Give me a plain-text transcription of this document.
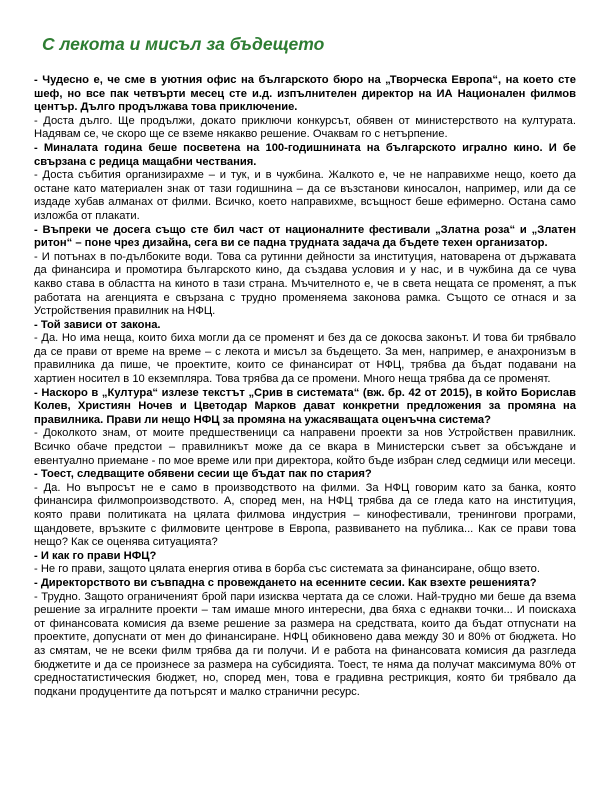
С лекота и мисъл за бъдещето

- Чудесно е, че сме в уютния офис на българското бюро на „Творческа Европа“, на което сте шеф, но все пак четвърти месец сте и.д. изпълнителен директор на ИА Национален филмов център. Дълго продължава това приключение.

- Доста дълго. Ще продължи, докато приключи конкурсът, обявен от министерството на културата. Надявам се, че скоро ще се вземе някакво решение. Очаквам го с нетърпение.

- Миналата година беше посветена на 100-годишнината на българското игрално кино. И бе свързана с редица мащабни чествания.

- Доста събития организирахме – и тук, и в чужбина. Жалкото е, че не направихме нещо, което да остане като материален знак от тази годишнина – да се възстанови киносалон, например, или да се издаде хубав алманах от филми. Всичко, което направихме, всъщност беше ефимерно. Остана само изложба от плакати.

- Въпреки че досега също сте бил част от националните фестивали „Златна роза“ и „Златен ритон“ – поне чрез дизайна, сега ви се падна трудната задача да бъдете техен организатор.

- И потънах в по-дълбоките води. Това са рутинни дейности за институция, натоварена от държавата да финансира и промотира българското кино, да създава условия и у нас, и в чужбина да се чува какво става в областта на киното в тази страна. Мъчителното е, че в света нещата се променят, а пък работата на агенцията е свързана с трудно променяема законова рамка. Същото се отнася и за Устройствения правилник на НФЦ.

- Той зависи от закона.

- Да. Но има неща, които биха могли да се променят и без да се докосва законът. И това би трябвало да се прави от време на време – с лекота и мисъл за бъдещето. За мен, например, е анахронизъм в правилника да пише, че проектите, които се финансират от НФЦ, трябва да бъдат подавани на хартиен носител в 10 екземпляра. Това трябва да се промени. Много неща трябва да се променят.

- Наскоро в „Култура“ излезе текстът „Срив в системата“ (вж. бр. 42 от 2015), в който Борислав Колев, Християн Ночев и Цветодар Марков дават конкретни предложения за промяна на правилника. Прави ли нещо НФЦ за промяна на ужасяващата оценъчна система?

- Доколкото знам, от моите предшественици са направени проекти за нов Устройствен правилник. Всичко обаче предстои – правилникът може да се вкара в Министерски съвет за обсъждане и евентуално приемане - по мое време или при директора, който бъде избран след седмици или месеци.

- Тоест, следващите обявени сесии ще бъдат пак по стария?

- Да. Но въпросът не е само в производството на филми. За НФЦ говорим като за банка, която финансира филмопроизводството. А, според мен, на НФЦ трябва да се гледа като на институция, която прави политиката на цялата филмова индустрия – кинофестивали, тренингови програми, щандовете, връзките с филмовите центрове в Европа, развиването на публика... Как се прави това нещо? Как се оценява ситуацията?

- И как го прави НФЦ?

- Не го прави, защото цялата енергия отива в борба със системата за финансиране, общо взето.

- Директорството ви съвпадна с провеждането на есенните сесии. Как взехте решенията?

- Трудно. Защото ограниченият брой пари изисква чертата да се сложи. Най-трудно ми беше да взема решение за игралните проекти – там имаше много интересни, два бяха с еднакви точки... И поискаха от финансовата комисия да вземе решение за размера на средствата, които да бъдат отпуснати на проектите, допуснати от мен до финансиране. НФЦ обикновено дава между 30 и 80% от бюджета. Но аз смятам, че не всеки филм трябва да ги получи. И е работа на финансовата комисия да разгледа бюджетите и да се произнесе за размера на субсидията. Тоест, те няма да получат максимума 80% от средностатистическия бюджет, но, според мен, това е градивна рестрикция, която би трябвало да подкани продуцентите да потърсят и малко странични ресурс.
